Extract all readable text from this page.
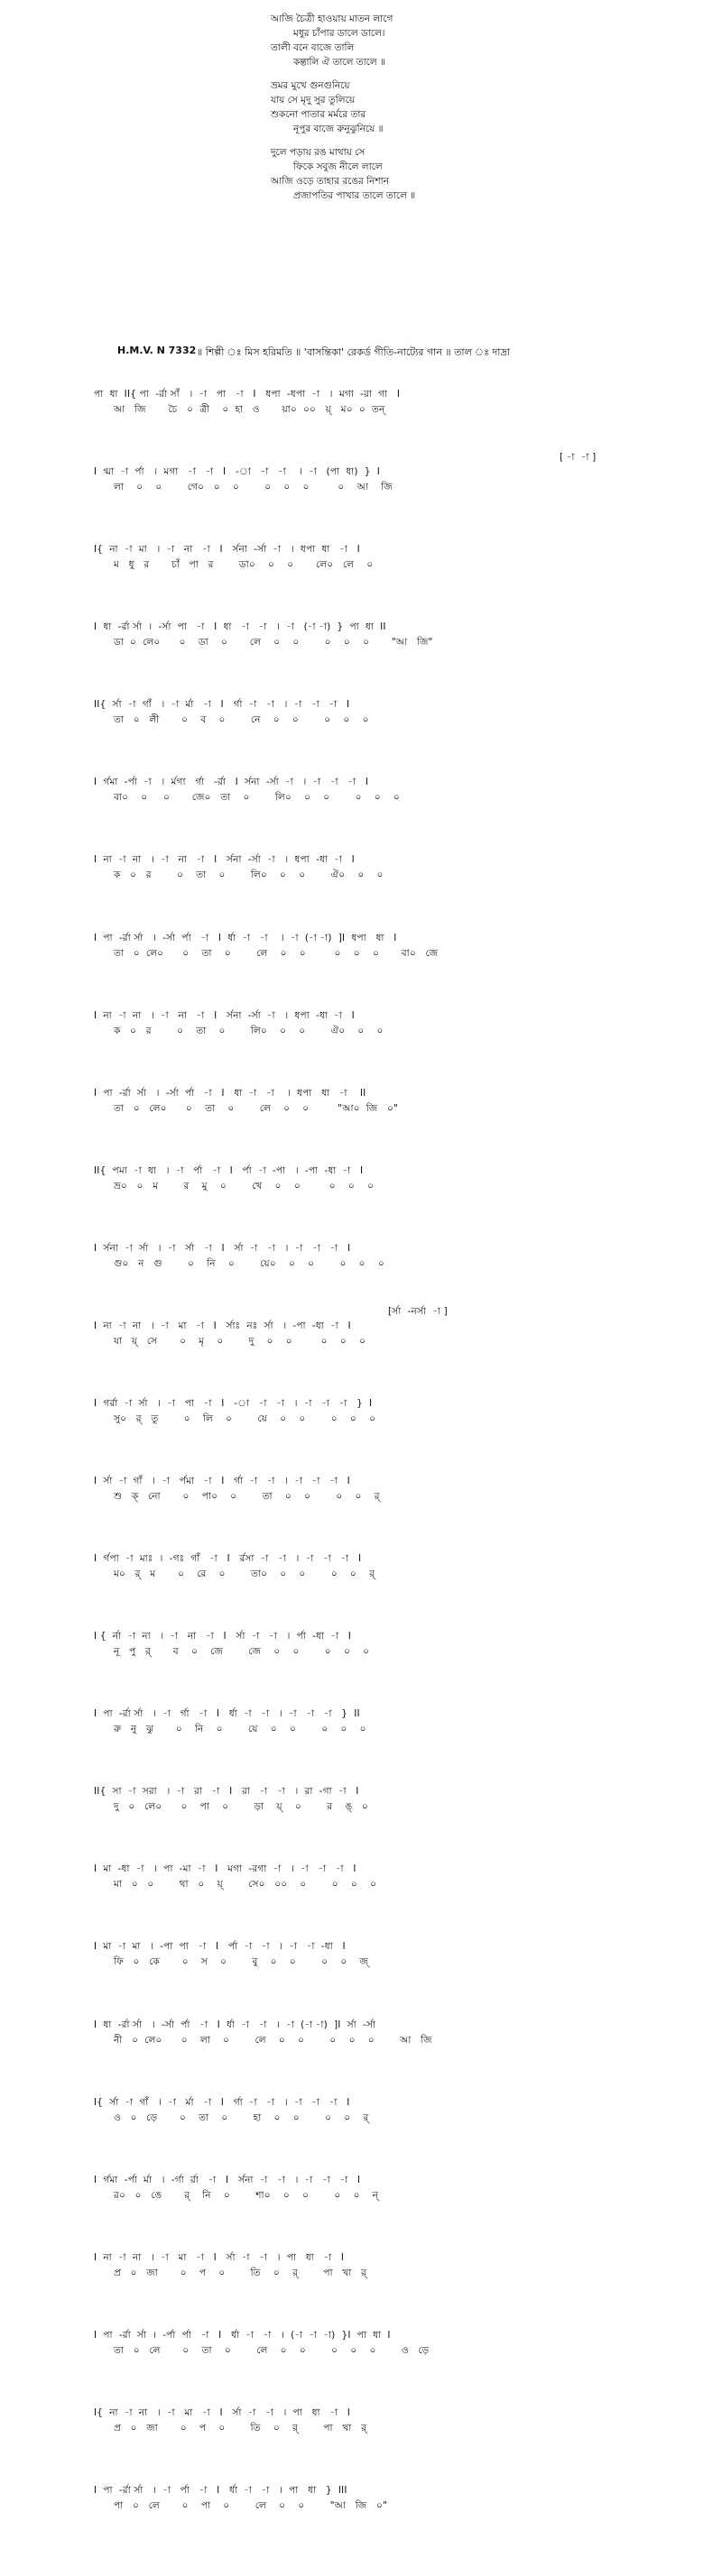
আজি চৈত্রী হাওয়ায় মাতন লাগে
মধুর চাঁপার ডালে ডালে।
তালী বনে বাজে তালি
কল্তালি ঐ তালে তালে ॥
ভ্রমর মুখে গুনগুনিয়ে
যায় সে মৃদু সুর তুলিয়ে
শুকনো পাতার মর্মরে তার
নূপুর বাজে রুনুঝুনিয়ে ॥
দুলে পড়ায় রঙ মাথায় সে
ফিকে সবুজ নীলে লালে
আজি ওড়ে তাহার রঙের নিশান
প্রজাপতির পাখার তালে তালে ॥
H.M.V. N 7332 ॥ শিল্পী ঃ মিস হরিমতি ॥ 'বাসন্তিকা' রেকর্ড গীতি-নাট্যের গান ॥ তাল ঃ দাদ্রা
পা  ধা  II{ পা  -র্রা সাঁ   ।  -া   পা   -া   I   ধপা  -ধপা  -া   ।  মগা  -রা  গা   I
আ   জি       চৈ   ০  ত্রী    ০  হা   ও       য়া০  ০০   য়্   ম০  ০  তন্
[ -া  -া ]
I  গ্মা  -া  র্পা   ।  মগা   -া   -া   I   -া   -া   -া    ।  -া   (পা  ধা)  }  I
লা    ০    ০        গে০   ০    ০        ০    ০    ০         ০    আ    জি
I{  না  -া  মা   ।  -া   না   -া   I   র্সনা  -র্সা  -া   ।  ধপা  ধা   -া   I
ম   ধু   র       চাঁ   পা   র        ডা০    ০    ০       লে০   লে    ০
I  ধা  -র্রা র্সা  ।  -র্সা  পা   -া   I  ধা   -া   -া   ।  -া   (-া -া)  }  পা  ধা  II
ডা  ০  লে০      ০    ডা    ০       লে    ০    ০        ০    ০    ০       "আ   জি"
II{  র্সা  -া  গাঁ   ।  -া  র্মা   -া   I   র্গা  -া   -া   ।  -া   -া   -া   I
তা   ০   লী       ০    ব    ০        নে    ০    ০        ০    ০    ০
I  র্গমা  -র্পা  -া   ।  র্মগা   র্গা   -র্রা   I  র্সনা  -র্সা  -া   ।  -া   -া   -া   I
বা০    ০     ০       জে০   তা    ০        লি০    ০    ০        ০    ০    ০
I  না  -া  না   ।  -া   না   -া   I   র্সনা  -র্সা  -া   ।  ধপা  -ধা  -া   I
ক   ০   র        ০    তা    ০        লি০    ০    ০        ঐ০    ০    ০
I  পা  -র্রা র্সা   ।  -র্সা  র্পা   -া   I  র্ধা  -া   -া    ।  -া  (-া -া)  ]I  ধপা   ধা   I
তা   ০  লে০      ০    তা    ০        লে    ০    ০         ০    ০    ০       বা০   জে
I  না  -া  না   ।  -া   না   -া   I   র্সনা  -র্সা  -া   ।  ধপা  -ধা  -া   I
ক   ০   র        ০    তা    ০        লি০    ০    ০        ঐ০    ০    ০
I  পা  -র্রা  র্সা   ।  -র্সা  র্পা   -া   I   ধা  -া   -া    ।  ধপা   ধা   -া    II
তা   ০   লে০      ০    তা    ০        লে    ০    ০         "আ০  জি   ০"
II{  পমা  -া  ধা   ।  -া   র্পা   -া   I   র্পা  -া  -পা   ।  -পা  -ধা  -া   I
ভ্র০   ০   ম        র    মু    ০        খে    ০    ০         ০    ০    ০
I  র্সনা  -া  র্সা   ।  -া   র্সা   -া   I   র্সা  -া   -া   ।  -া   -া   -া   I
গু০   ন   গু        ০    নি    ০        য়ে০    ০    ০        ০    ০    ০
[র্সা  -নর্সা  -া ]
I  না  -া  না   ।  -া   মা   -া   I   র্সাঃ  নঃ  র্সা   ।  -পা  -ধা  -া   I
যা   য়্   সে       ০    মৃ    ০        দু    ০    ০         ০    ০    ০
I  গর্রা  -া  র্সা   ।  -া   পা   -া   I   -া   -া   -া   ।  -া   -া   -া   }  I
সু০   র্   তু        ০    লি    ০        য়ে    ০    ০        ০    ০    ০
I  র্সা  -া  গাঁ   ।  -া   র্পমা   -া   I   র্গা  -া   -া   ।  -া   -া   -া   I
শু   ক্   নো       ০    পা০    ০        তা    ০    ০        ০    ০    র্
I  র্গপা  -া  মাঃ  ।  -গঃ  গাঁ   -া   I   র্রসা  -া   -া   ।  -া   -া   -া   I
ম০   র্   ম       ০    রে    ০        তা০    ০    ০        ০    ০    র্
I {  র্না  -া  না   ।  -া   না   -া   I   র্সা  -া   -া   ।  র্পা  -ধা  -া   I
নূ   পু   র্       ব    ০    জে        জে    ০    ০        ০    ০    ০
I  পা  -র্রা র্সা   ।  -া   র্গা   -া   I   র্ধা  -া   -া   ।  -া   -া   -া   }  II
রু   নু   ঝু       ০    নি    ০        য়ে    ০    ০        ০    ০    ০
II{  সা  -া  সরা   ।  -া   রা   -া   I   রা   -া   -া   ।  রা  -গা  -া   I
দু   ০   লে০      ০    পা    ০        ড়া    য়্    ০        র    ঙ্   ০
I  মা  -ধা  -া   ।  পা  -মা  -া   I   মগা  -রগা  -া   ।  -া   -া   -া   I
মা   ০   ০        থা   ০    য়্        সে০   ০০    ০        ০    ০    ০
I  মা  -া  মা   ।  -পা  পা   -া   I   র্পা  -া   -া   ।  -া   -া  -ধা   I
ফি   ০   কে       ০    স    ০        বু    ০    ০        ০    ০    জ্
I  ধা  -র্রা র্সা   ।  -র্সা  র্পা   -া   I  র্ধা  -া   -া   ।  -া  (-া -া)  ]I  র্সা  -র্সা
নী   ০  লে০      ০    লা    ০        লে    ০    ০        ০    ০    ০        আ   জি
I{  র্সা  -া  গাঁ   ।  -া   র্মা   -া   I   র্গা  -া   -া   ।  -া   -া   -া   I
ও   ০   ড়ে       ০    তা    ০        হা    ০    ০        ০    ০    র্
I  র্গমা  -র্পা  র্মা   ।  -র্গা  র্রা   -া   I   র্সনা  -া   -া   ।  -া   -া   -া   I
র০   ০   ঙে       র্    নি    ০        শা০    ০    ০        ০    ০    ন্
I  না  -া  না   ।  -া   মা   -া   I   র্সা  -া   -া   ।  পা   ধা   -া   I
প্র   ০   জা       ০    প    ০        তি    ০    র্        পা   খা   র্
I  পা  -র্রা  র্সা  ।  -র্পা  র্পা   -া   I   র্ধা  -া   -া   ।  (-া  -া  -া)  }I  পা  ধা  I
তা   ০   লে       ০    তা    ০        লে    ০    ০        ০    ০    ০        ও   ড়ে
I{  না  -া  না   ।  -া   মা   -া   I   র্সা  -া   -া   ।  পা   ধা   -া   I
প্র   ০   জা       ০    প    ০        তি    ০    র্        পা   খা   র্
I  পা  -র্রা র্সা   ।  -া   র্পা   -া   I   র্ধা  -া   -া   ।  পা   ধা   }  III
পা   ০   লে       ০    পা    ০        লে    ০    ০        "আ   জি   ০"
